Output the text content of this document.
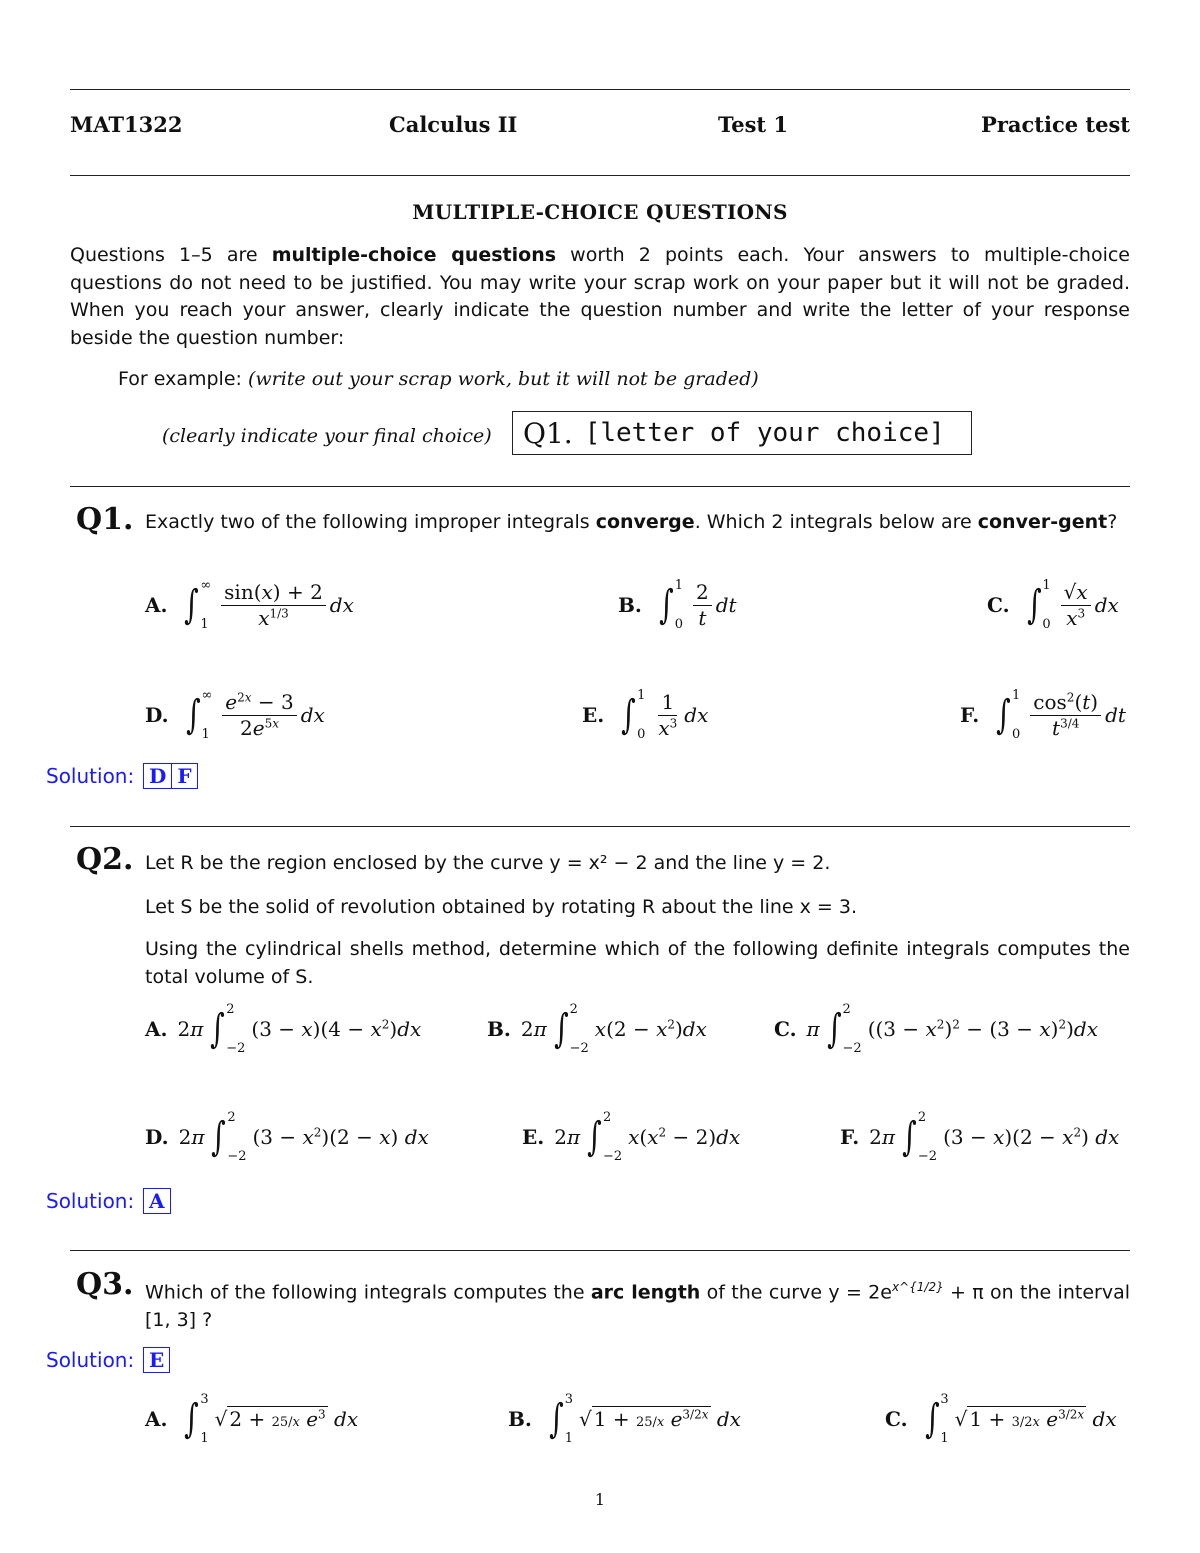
MAT1322	Calculus II	Test 1	Practice test
MULTIPLE-CHOICE QUESTIONS
Questions 1–5 are multiple-choice questions worth 2 points each. Your answers to multiple-choice questions do not need to be justified. You may write your scrap work on your paper but it will not be graded. When you reach your answer, clearly indicate the question number and write the letter of your response beside the question number:
For example: (write out your scrap work, but it will not be graded)
(clearly indicate your final choice) Q1. [letter of your choice]
Q1. Exactly two of the following improper integrals converge. Which 2 integrals below are conver-gent?
A. ∫ ∞
$1 \frac{\sin(x) + 2}{x^{1/3}}$ dx	B. ∫ 1
$0 \frac{2}{t}$ dt	C. ∫ 1
$0 \frac{√x}{x^3}$ dx
D. ∫ ∞
$1 \frac{e^{2x} - 3}{2e^{5x}}$ dx	E. ∫ 1
$0 \frac{1}{x^3}$ dx	F. ∫ 1
$0 \frac{\cos^2(t)}{t^{3/4}}$ dt
Solution: D F
Q2. Let R be the region enclosed by the curve y = x² − 2 and the line y = 2.
Let S be the solid of revolution obtained by rotating R about the line x = 3.
Using the cylindrical shells method, determine which of the following definite integrals computes the total volume of S.
A. 2π ∫ 2
−2
$(3 - x)(4 - x^2)dx$	B. 2π ∫ 2
−2
$x(2 - x^2)dx$	C. π ∫ 2
−2
$((3 - x^2)^2 - (3 - x)^2)dx$
D. 2π ∫ 2
−2
$(3 - x^2)(2 - x)$ dx	E. 2π ∫ 2
−2
$x(x^2 - 2)dx$	F. 2π ∫ 2
−2
$(3 - x)(2 - x^2)$ dx
Solution: A
Q3. Which of the following integrals computes the arc length of the curve $y = 2e^{x\^{}\{1/2\}} + \pi$ on the interval [1, 3] ?
Solution: E
A. ∫ 3
1
√ 2 + 25/x $e^3$ dx	B. ∫ 3
1
√ 1 + 25/x $e^{3/2x}$ dx	C. ∫ 3
1
√ 1 + 3/2x $e^{3/2x}$ dx
1
